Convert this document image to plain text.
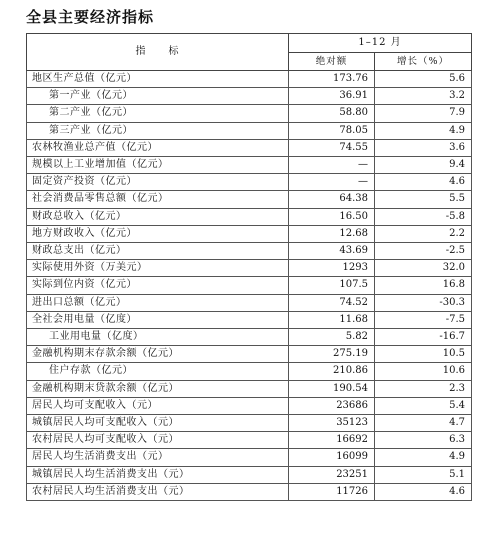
全县主要经济指标
指　　标	1–12 月	
	绝对额	增长（%）
地区生产总值（亿元）	173.76	5.6
第一产业（亿元）	36.91	3.2
第二产业（亿元）	58.80	7.9
第三产业（亿元）	78.05	4.9
农林牧渔业总产值（亿元）	74.55	3.6
规模以上工业增加值（亿元）	—	9.4
固定资产投资（亿元）	—	4.6
社会消费品零售总额（亿元）	64.38	5.5
财政总收入（亿元）	16.50	-5.8
地方财政收入（亿元）	12.68	2.2
财政总支出（亿元）	43.69	-2.5
实际使用外资（万美元）	1293	32.0
实际到位内资（亿元）	107.5	16.8
进出口总额（亿元）	74.52	-30.3
全社会用电量（亿度）	11.68	-7.5
工业用电量（亿度）	5.82	-16.7
金融机构期末存款余额（亿元）	275.19	10.5
住户存款（亿元）	210.86	10.6
金融机构期末贷款余额（亿元）	190.54	2.3
居民人均可支配收入（元）	23686	5.4
城镇居民人均可支配收入（元）	35123	4.7
农村居民人均可支配收入（元）	16692	6.3
居民人均生活消费支出（元）	16099	4.9
城镇居民人均生活消费支出（元）	23251	5.1
农村居民人均生活消费支出（元）	11726	4.6
